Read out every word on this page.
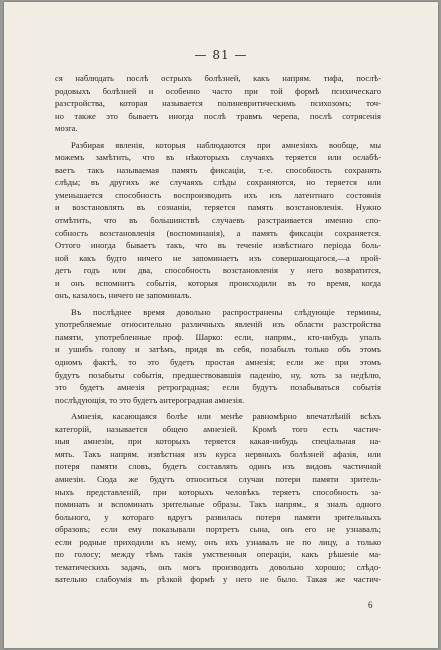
— 81 —
ся наблюдать послѣ острыхъ болѣзней, какъ напрям. тифа, послѣ-
родовыхъ болѣзней и особенно часто при той формѣ психическаго
разстройства, которая называется полиневритическимъ психозомъ; точ-
но также это бываетъ иногда послѣ травмъ черепа, послѣ сотрясенія
мозга.
Разбирая явленія, которыя наблюдаются при амнезіяхъ вообще, мы
можемъ замѣтить, что въ нѣкоторыхъ случаяхъ теряется или ослабѣ-
ваетъ такъ называемая память фиксаціи, т.-е. способность сохранять
слѣды; въ другихъ же случаяхъ слѣды сохраняются, но теряется или
уменьшается способность воспроизводить ихъ изъ латентнаго состоянія
и возстановлять въ сознаніи, теряется память возстановленія. Нужно
отмѣтить, что въ большинствѣ случаевъ разстраивается именно спо-
собность возстановленія (воспоминанія), а память фиксаціи сохраняется.
Оттого иногда бываетъ такъ, что въ теченіе извѣстнаго періода боль-
ной какъ будто ничего не запоминаетъ изъ совершающагося,—а прой-
детъ годъ или два, способность возстановленія у него возвратится,
и онъ вспомнитъ событія, которыя происходили въ то время, когда
онъ, казалось, ничего не запоминалъ.
Въ послѣднее время довольно распространены слѣдующіе термины,
употребляемые относительно различныхъ явленій изъ области разстройства
памяти, употребленные проф. Шарко: если, напрям., кто-нибудь упалъ
и ушибъ голову и затѣмъ, придя въ себя, позабылъ только объ этомъ
одномъ фактѣ, то это будетъ простая амнезія; если же при этомъ
будутъ позабыты событія, предшествовавшія паденію, ну, хоть за недѣлю,
это будетъ амнезія ретроградная; если будутъ позабываться событія
послѣдующія, то это будетъ антероградная амнезія.
Амнезія, касающаяся болѣе или менѣе равномѣрно впечатлѣній всѣхъ
категорій, называется общею амнезіей. Кромѣ того есть частич-
ныя амнезіи, при которыхъ теряется какая-нибудь спеціальная на-
мять. Такъ напрям. извѣстная изъ курса нервныхъ болѣзней афазія, или
потеря памяти словъ, будетъ составлять одинъ изъ видовъ частичной
амнезіи. Сюда же будутъ относиться случаи потери памяти зритель-
ныхъ представленій, при которыхъ человѣкъ теряетъ способность за-
поминать и вспоминать зрительные образы. Такъ напрям., я зналъ одного
больного, у котораго вдругъ развилась потеря памяти зрительныхъ
образовъ; если ему показывали портретъ сына, онъ его не узнавалъ;
если родные приходили къ нему, онъ ихъ узнавалъ не по лицу, а только
по голосу; между тѣмъ такія умственныя операціи, какъ рѣшеніе ма-
тематическихъ задачъ, онъ могъ производить довольно хорошо; слѣдо-
вательно слабоумія въ рѣзкой формѣ у него не было. Такая же частич-
6
